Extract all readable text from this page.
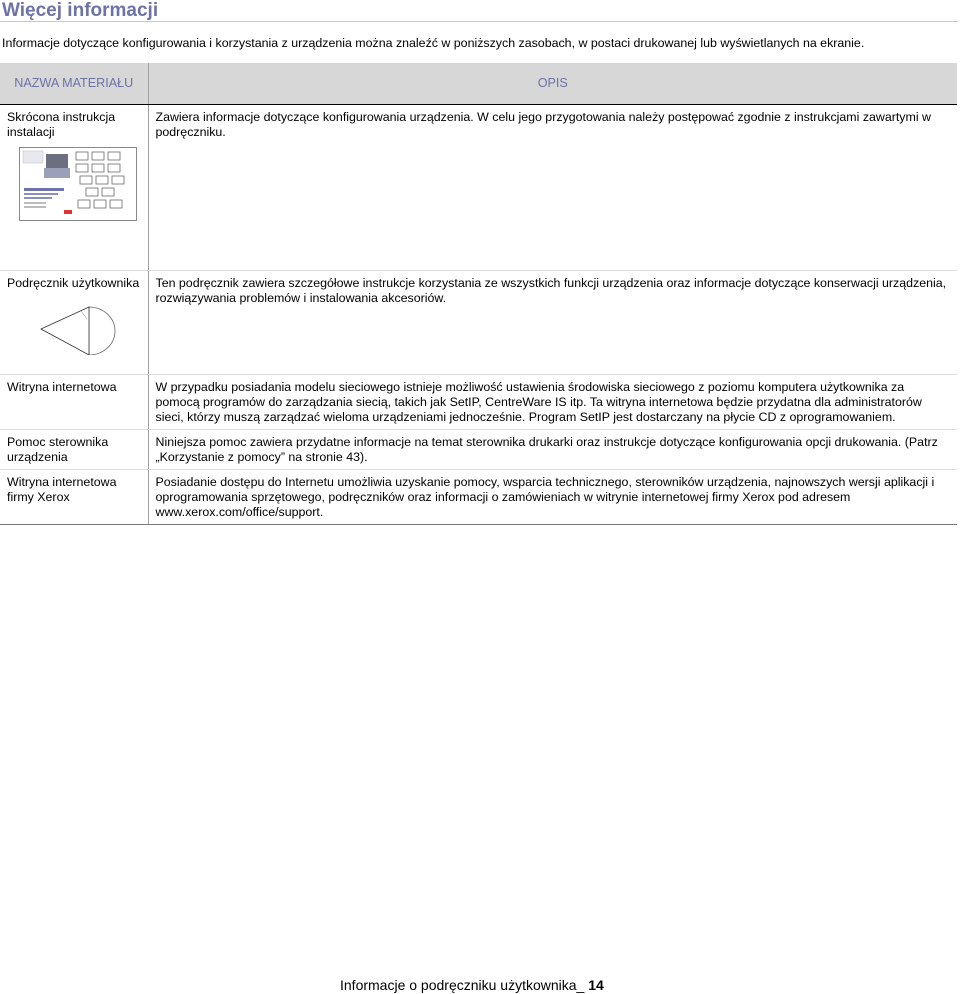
Więcej informacji

Informacje dotyczące konfigurowania i korzystania z urządzenia można znaleźć w poniższych zasobach, w postaci drukowanej lub wyświetlanych na ekranie.

NAZWA MATERIAŁU	OPIS

Skrócona instrukcja instalacji	Zawiera informacje dotyczące konfigurowania urządzenia. W celu jego przygotowania należy postępować zgodnie z instrukcjami zawartymi w podręczniku.

Podręcznik użytkownika	Ten podręcznik zawiera szczegółowe instrukcje korzystania ze wszystkich funkcji urządzenia oraz informacje dotyczące konserwacji urządzenia, rozwiązywania problemów i instalowania akcesoriów.
Witryna internetowa	W przypadku posiadania modelu sieciowego istnieje możliwość ustawienia środowiska sieciowego z poziomu komputera użytkownika za pomocą programów do zarządzania siecią, takich jak SetIP, CentreWare IS itp. Ta witryna internetowa będzie przydatna dla administratorów sieci, którzy muszą zarządzać wieloma urządzeniami jednocześnie. Program SetIP jest dostarczany na płycie CD z oprogramowaniem.
Pomoc sterownika urządzenia	Niniejsza pomoc zawiera przydatne informacje na temat sterownika drukarki oraz instrukcje dotyczące konfigurowania opcji drukowania. (Patrz „Korzystanie z pomocy” na stronie 43).
Witryna internetowa firmy Xerox	Posiadanie dostępu do Internetu umożliwia uzyskanie pomocy, wsparcia technicznego, sterowników urządzenia, najnowszych wersji aplikacji i oprogramowania sprzętowego, podręczników oraz informacji o zamówieniach w witrynie internetowej firmy Xerox pod adresem www.xerox.com/office/support.
Informacje o podręczniku użytkownika_ 14
